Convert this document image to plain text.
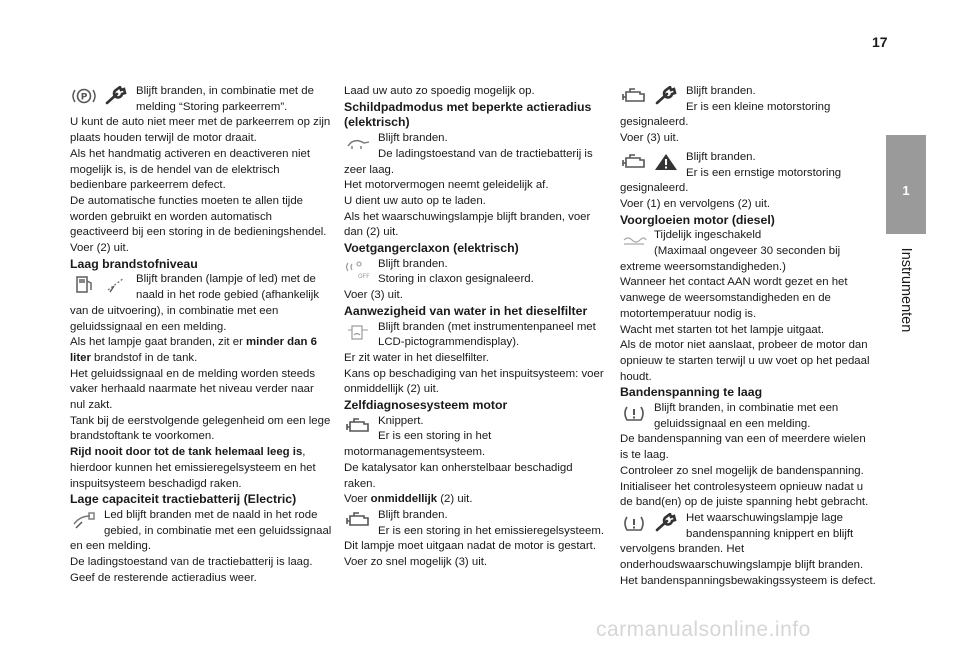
17
1
Instrumenten
P

Blijft branden, in combinatie met de melding “Storing parkeerrem”.

U kunt de auto niet meer met de parkeerrem op zijn plaats houden terwijl de motor draait.

Als het handmatig activeren en deactiveren niet mogelijk is, is de hendel van de elektrisch bedienbare parkeerrem defect.

De automatische functies moeten te allen tijde worden gebruikt en worden automatisch geactiveerd bij een storing in de bedieningshendel.

Voer (2) uit.

Laag brandstofniveau

Blijft branden (lampje of led) met de naald in het rode gebied (afhankelijk van de uitvoering), in combinatie met een geluidssignaal en een melding.

Als het lampje gaat branden, zit er minder dan 6 liter brandstof in de tank.

Het geluidssignaal en de melding worden steeds vaker herhaald naarmate het niveau verder naar nul zakt.

Tank bij de eerstvolgende gelegenheid om een lege brandstoftank te voorkomen.

Rijd nooit door tot de tank helemaal leeg is, hierdoor kunnen het emissieregelsysteem en het inspuitsysteem beschadigd raken.

Lage capaciteit tractiebatterij (Electric)

Led blijft branden met de naald in het rode gebied, in combinatie met een geluidssignaal en een melding.

De ladingstoestand van de tractiebatterij is laag.

Geef de resterende actieradius weer.

Laad uw auto zo spoedig mogelijk op.

Schildpadmodus met beperkte actieradius (elektrisch)

Blijft branden.

De ladingstoestand van de tractiebatterij is zeer laag.

Het motorvermogen neemt geleidelijk af.

U dient uw auto op te laden.

Als het waarschuwingslampje blijft branden, voer dan (2) uit.

Voetgangerclaxon (elektrisch)

OFF

Blijft branden.

Storing in claxon gesignaleerd.

Voer (3) uit.

Aanwezigheid van water in het dieselfilter

Blijft branden (met instrumentenpaneel met LCD-pictogrammendisplay).

Er zit water in het dieselfilter.

Kans op beschadiging van het inspuitsysteem: voer onmiddellijk (2) uit.

Zelfdiagnosesysteem motor

Knippert.

Er is een storing in het motormanagementsysteem.

De katalysator kan onherstelbaar beschadigd raken.

Voer onmiddellijk (2) uit.

Blijft branden.

Er is een storing in het emissieregelsysteem.

Dit lampje moet uitgaan nadat de motor is gestart.

Voer zo snel mogelijk (3) uit.

Blijft branden.

Er is een kleine motorstoring gesignaleerd.

Voer (3) uit.

Blijft branden.

Er is een ernstige motorstoring gesignaleerd.

Voer (1) en vervolgens (2) uit.

Voorgloeien motor (diesel)

Tijdelijk ingeschakeld

(Maximaal ongeveer 30 seconden bij extreme weersomstandigheden.)

Wanneer het contact AAN wordt gezet en het vanwege de weersomstandigheden en de motortemperatuur nodig is.

Wacht met starten tot het lampje uitgaat.

Als de motor niet aanslaat, probeer de motor dan opnieuw te starten terwijl u uw voet op het pedaal houdt.

Bandenspanning te laag

Blijft branden, in combinatie met een geluidssignaal en een melding.

De bandenspanning van een of meerdere wielen is te laag.

Controleer zo snel mogelijk de bandenspanning.

Initialiseer het controlesysteem opnieuw nadat u de band(en) op de juiste spanning hebt gebracht.

Het waarschuwingslampje lage bandenspanning knippert en blijft vervolgens branden. Het onderhoudswaarschuwingslampje blijft branden.

Het bandenspanningsbewakingssysteem is defect.

carmanualsonline.info
